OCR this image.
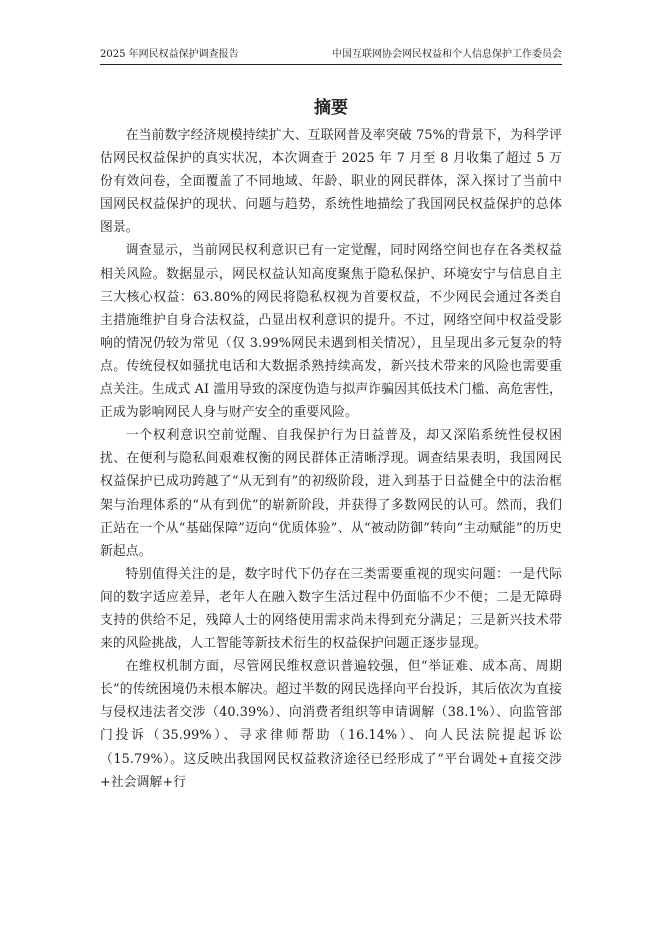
2025 年网民权益保护调查报告	中国互联网协会网民权益和个人信息保护工作委员会
摘要

在当前数字经济规模持续扩大、互联网普及率突破 75%的背景下，为科学评估网民权益保护的真实状况，本次调查于 2025 年 7 月至 8 月收集了超过 5 万份有效问卷，全面覆盖了不同地域、年龄、职业的网民群体，深入探讨了当前中国网民权益保护的现状、问题与趋势，系统性地描绘了我国网民权益保护的总体图景。

调查显示，当前网民权利意识已有一定觉醒，同时网络空间也存在各类权益相关风险。数据显示，网民权益认知高度聚焦于隐私保护、环境安宁与信息自主三大核心权益：63.80%的网民将隐私权视为首要权益，不少网民会通过各类自主措施维护自身合法权益，凸显出权利意识的提升。不过，网络空间中权益受影响的情况仍较为常见（仅 3.99%网民未遇到相关情况），且呈现出多元复杂的特点。传统侵权如骚扰电话和大数据杀熟持续高发，新兴技术带来的风险也需要重点关注。生成式 AI 滥用导致的深度伪造与拟声诈骗因其低技术门槛、高危害性，正成为影响网民人身与财产安全的重要风险。

一个权利意识空前觉醒、自我保护行为日益普及，却又深陷系统性侵权困扰、在便利与隐私间艰难权衡的网民群体正清晰浮现。调查结果表明，我国网民权益保护已成功跨越了“从无到有”的初级阶段，进入到基于日益健全中的法治框架与治理体系的“从有到优”的崭新阶段，并获得了多数网民的认可。然而，我们正站在一个从“基础保障”迈向“优质体验”、从“被动防御”转向“主动赋能”的历史新起点。

特别值得关注的是，数字时代下仍存在三类需要重视的现实问题：一是代际间的数字适应差异，老年人在融入数字生活过程中仍面临不少不便；二是无障碍支持的供给不足，残障人士的网络使用需求尚未得到充分满足；三是新兴技术带来的风险挑战，人工智能等新技术衍生的权益保护问题正逐步显现。

在维权机制方面，尽管网民维权意识普遍较强，但“举证难、成本高、周期长”的传统困境仍未根本解决。超过半数的网民选择向平台投诉，其后依次为直接与侵权违法者交涉（40.39%）、向消费者组织等申请调解（38.1%）、向监管部门投诉（35.99%）、寻求律师帮助（16.14%）、向人民法院提起诉讼（15.79%）。这反映出我国网民权益救济途径已经形成了“平台调处+直接交涉+社会调解+行
